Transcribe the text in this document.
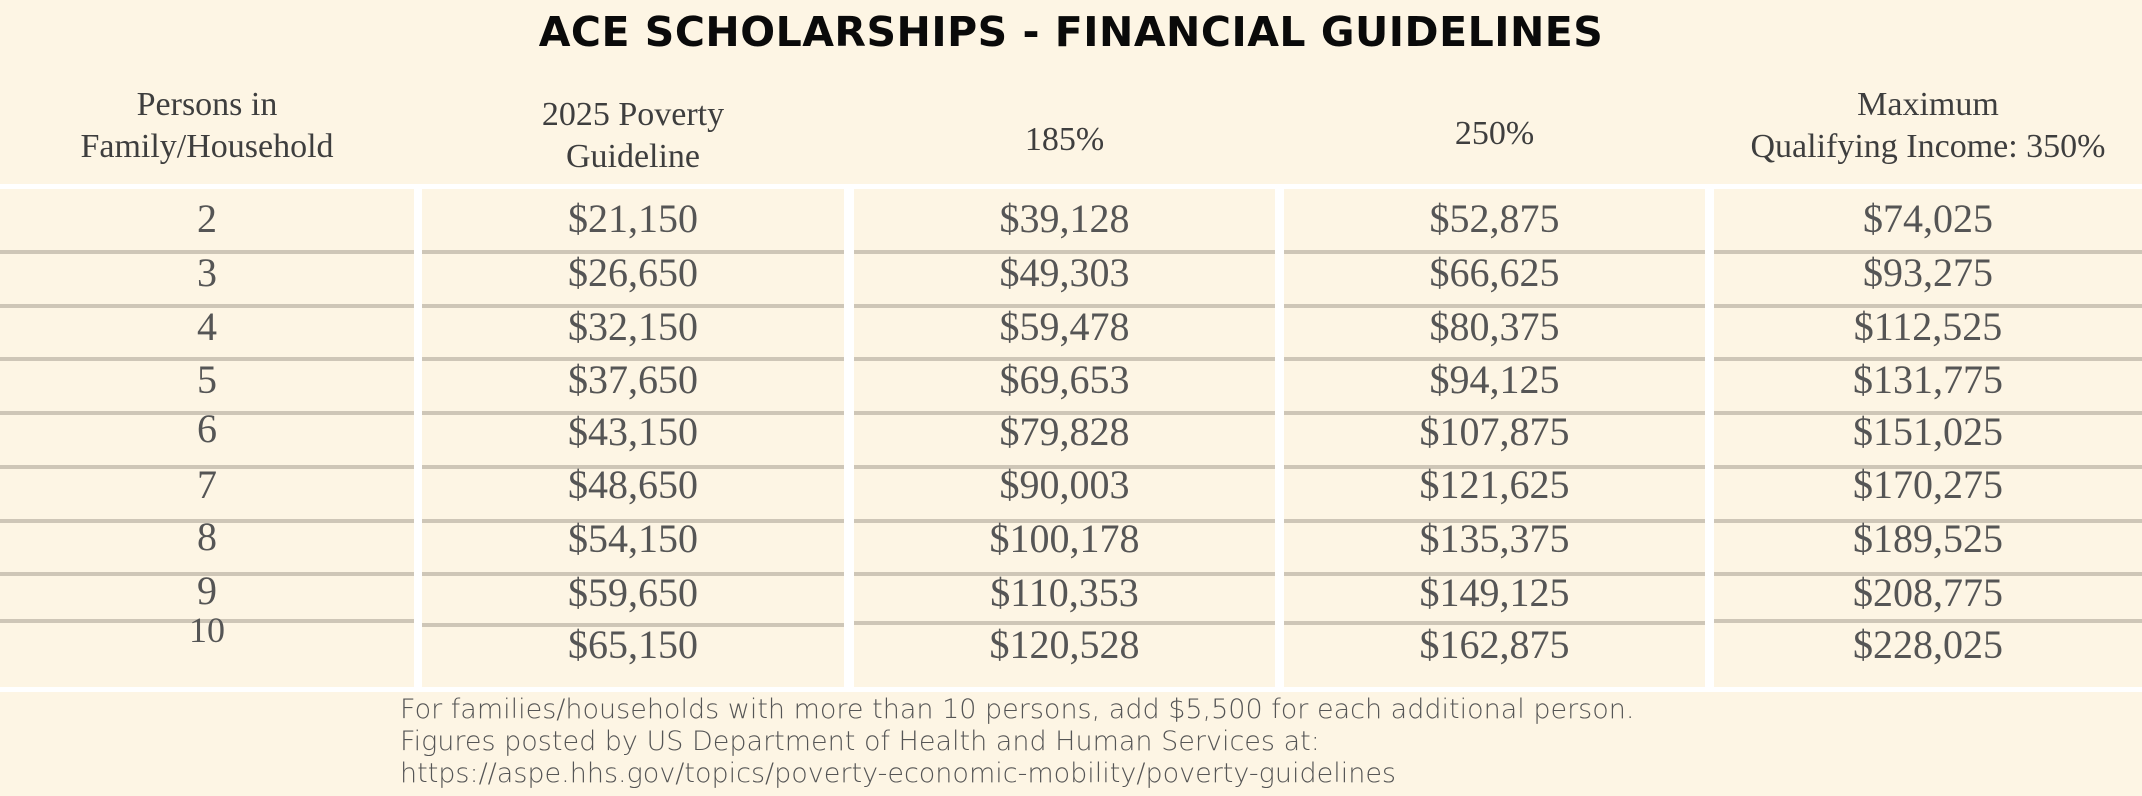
ACE SCHOLARSHIPS - FINANCIAL GUIDELINES
Persons in
Family/Household
2025 Poverty
Guideline	185%	250%
Maximum
Qualifying Income: 350%
2
3
4
5
6
7
8
9
10
$21,150
$26,650
$32,150
$37,650
$43,150
$48,650
$54,150
$59,650
$65,150
$39,128
$49,303
$59,478
$69,653
$79,828
$90,003
$100,178
$110,353
$120,528
$52,875
$66,625
$80,375
$94,125
$107,875
$121,625
$135,375
$149,125
$162,875
$74,025
$93,275
$112,525
$131,775
$151,025
$170,275
$189,525
$208,775
$228,025
For families/households with more than 10 persons, add $5,500 for each additional person.
Figures posted by US Department of Health and Human Services at:
https://aspe.hhs.gov/topics/poverty-economic-mobility/poverty-guidelines
